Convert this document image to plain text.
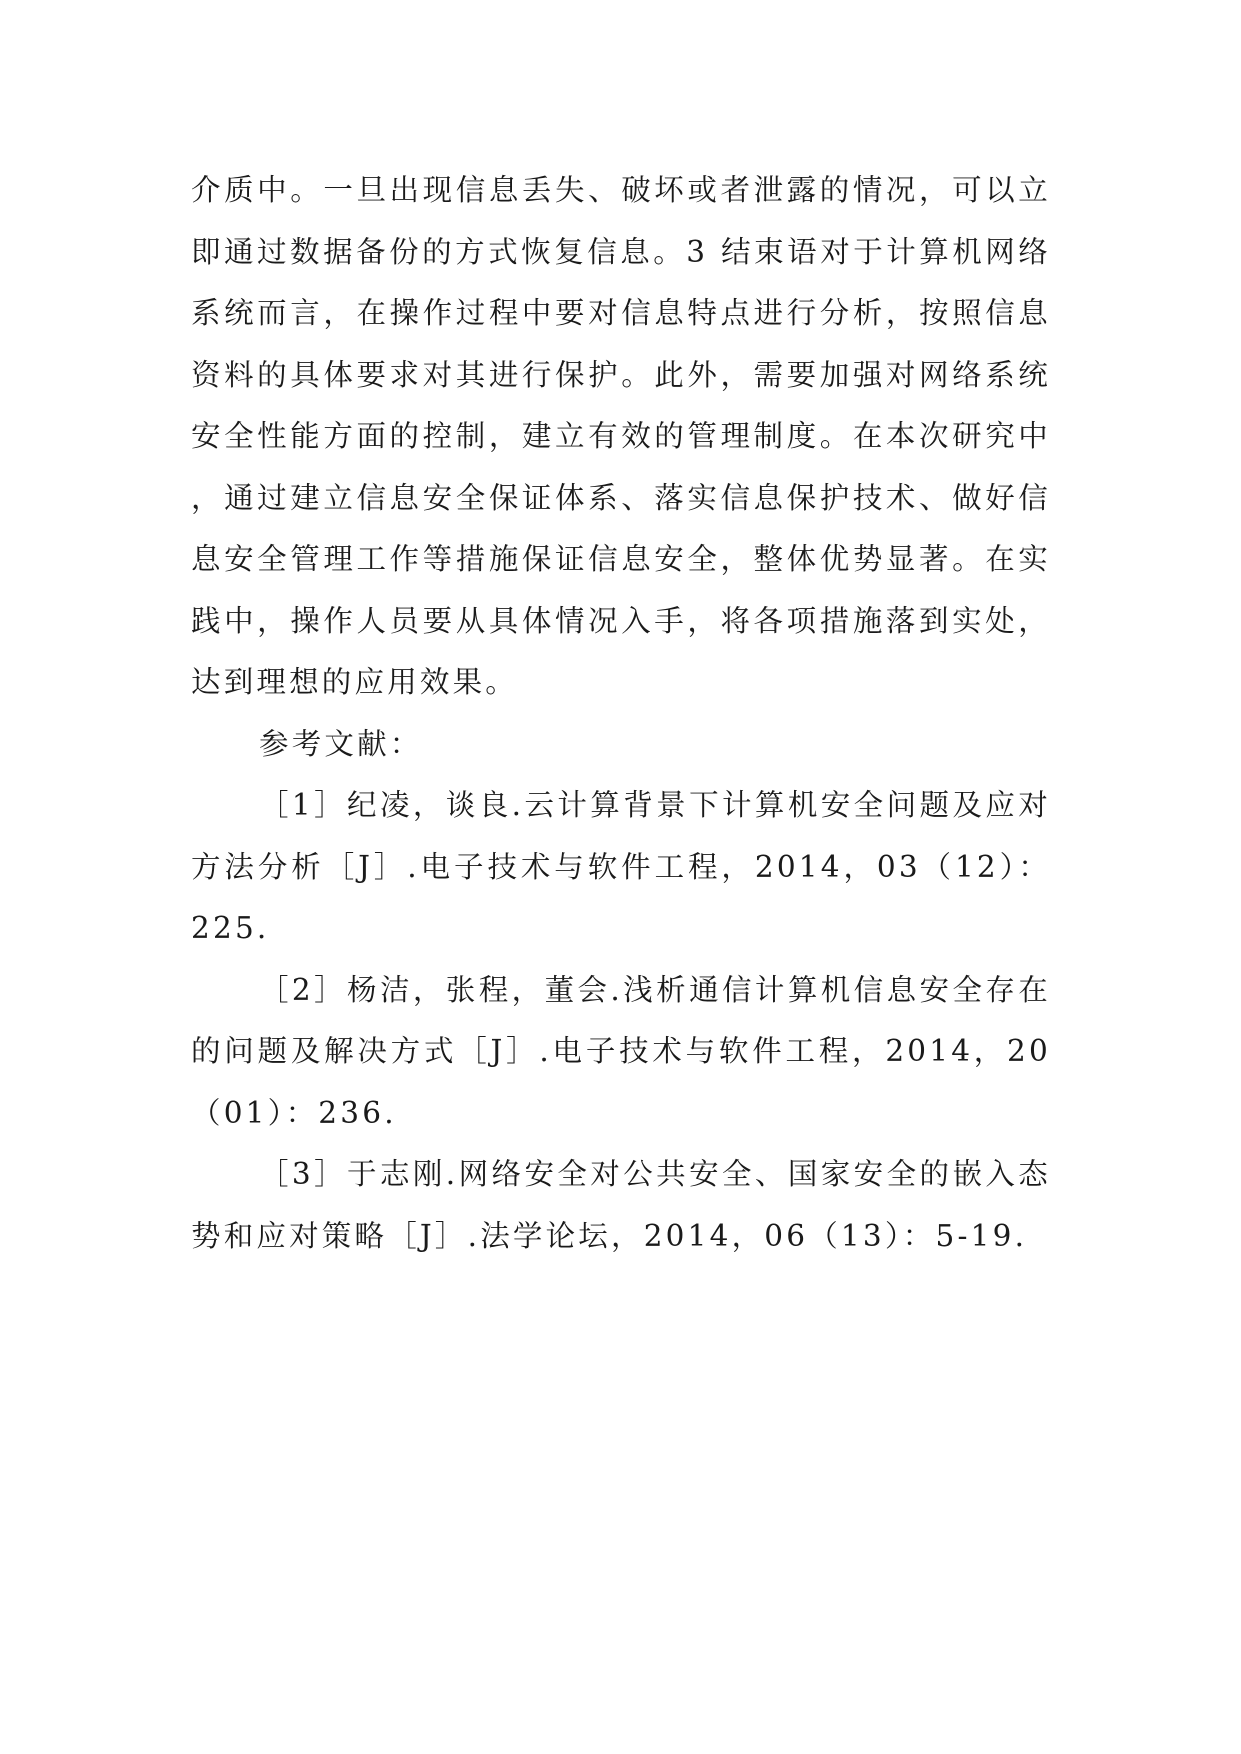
介质中。一旦出现信息丢失、破坏或者泄露的情况，可以立即通过数据备份的方式恢复信息。3 结束语对于计算机网络系统而言，在操作过程中要对信息特点进行分析，按照信息资料的具体要求对其进行保护。此外，需要加强对网络系统安全性能方面的控制，建立有效的管理制度。在本次研究中，通过建立信息安全保证体系、落实信息保护技术、做好信息安全管理工作等措施保证信息安全，整体优势显著。在实践中，操作人员要从具体情况入手，将各项措施落到实处，达到理想的应用效果。

参考文献：

［1］纪凌，谈良.云计算背景下计算机安全问题及应对方法分析［J］.电子技术与软件工程，2014，03（12）：225.

［2］杨洁，张程，董会.浅析通信计算机信息安全存在的问题及解决方式［J］.电子技术与软件工程，2014，20（01）：236.

［3］于志刚.网络安全对公共安全、国家安全的嵌入态势和应对策略［J］.法学论坛，2014，06（13）：5-19.
